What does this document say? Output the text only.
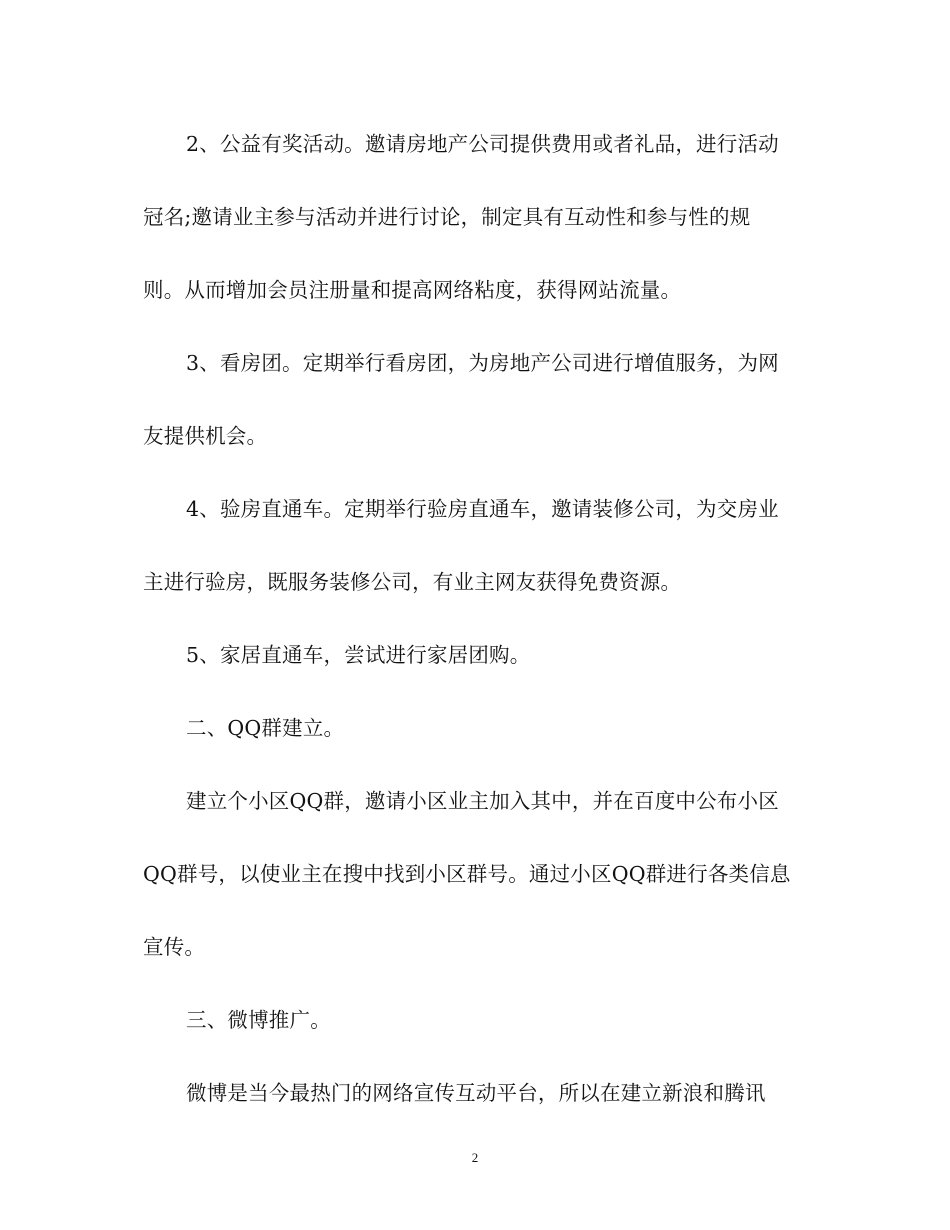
2、公益有奖活动。邀请房地产公司提供费用或者礼品，进行活动
冠名;邀请业主参与活动并进行讨论，制定具有互动性和参与性的规
则。从而增加会员注册量和提高网络粘度，获得网站流量。
3、看房团。定期举行看房团，为房地产公司进行增值服务，为网
友提供机会。
4、验房直通车。定期举行验房直通车，邀请装修公司，为交房业
主进行验房，既服务装修公司，有业主网友获得免费资源。
5、家居直通车，尝试进行家居团购。
二、QQ群建立。
建立个小区QQ群，邀请小区业主加入其中，并在百度中公布小区
QQ群号，以使业主在搜中找到小区群号。通过小区QQ群进行各类信息
宣传。
三、微博推广。
微博是当今最热门的网络宣传互动平台，所以在建立新浪和腾讯
2
